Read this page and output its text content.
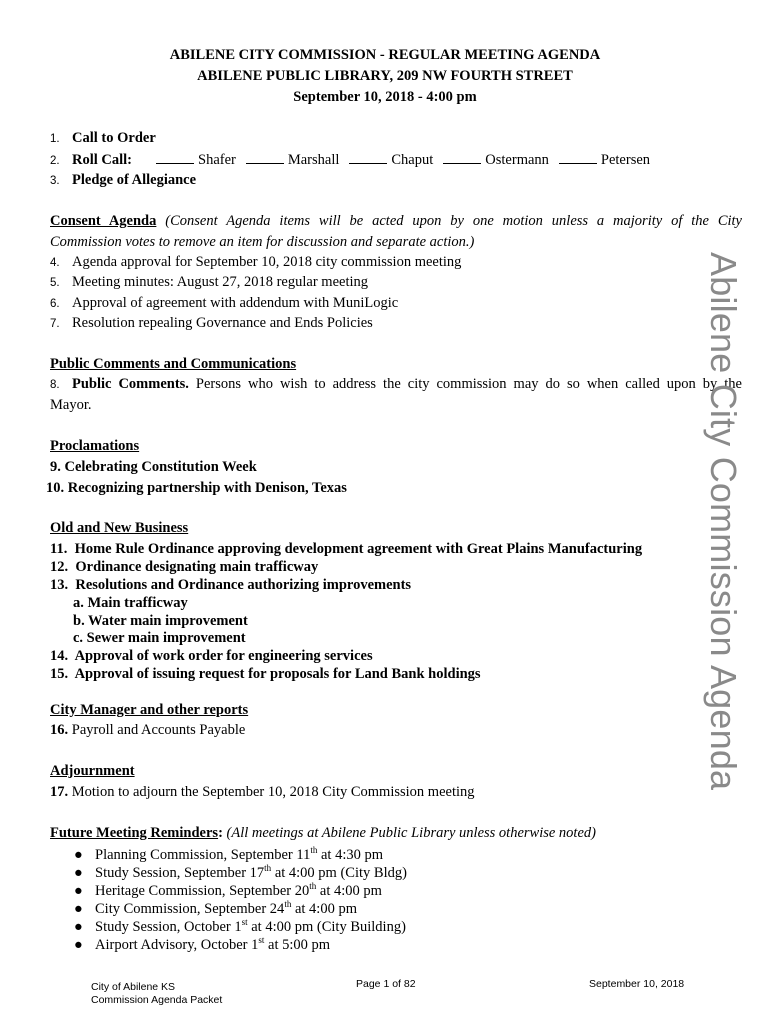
ABILENE CITY COMMISSION - REGULAR MEETING AGENDA
ABILENE PUBLIC LIBRARY, 209 NW FOURTH STREET
September 10, 2018 - 4:00 pm
1. Call to Order
2. Roll Call:	Shafer	Marshall	Chaput	Ostermann	Petersen
3. Pledge of Allegiance
Consent Agenda (Consent Agenda items will be acted upon by one motion unless a majority of the City
Commission votes to remove an item for discussion and separate action.)
4. Agenda approval for September 10, 2018 city commission meeting
5. Meeting minutes: August 27, 2018 regular meeting
6. Approval of agreement with addendum with MuniLogic
7. Resolution repealing Governance and Ends Policies
Public Comments and Communications
8. Public Comments. Persons who wish to address the city commission may do so when called upon by the
Mayor.
Proclamations
9. Celebrating Constitution Week
10. Recognizing partnership with Denison, Texas
Old and New Business
11.  Home Rule Ordinance approving development agreement with Great Plains Manufacturing
12.  Ordinance designating main trafficway
13.  Resolutions and Ordinance authorizing improvements
a. Main trafficway
b. Water main improvement
c. Sewer main improvement
14.  Approval of work order for engineering services
15.  Approval of issuing request for proposals for Land Bank holdings
City Manager and other reports
16. Payroll and Accounts Payable
Adjournment
17. Motion to adjourn the September 10, 2018 City Commission meeting
Future Meeting Reminders: (All meetings at Abilene Public Library unless otherwise noted)
● Planning Commission, September 11th at 4:30 pm
● Study Session, September 17th at 4:00 pm (City Bldg)
● Heritage Commission, September 20th at 4:00 pm
● City Commission, September 24th at 4:00 pm
● Study Session, October 1st at 4:00 pm (City Building)
● Airport Advisory, October 1st at 5:00 pm
Abilene City Commission Agenda
City of Abilene KS
Commission Agenda Packet
Page 1 of 82	September 10, 2018
